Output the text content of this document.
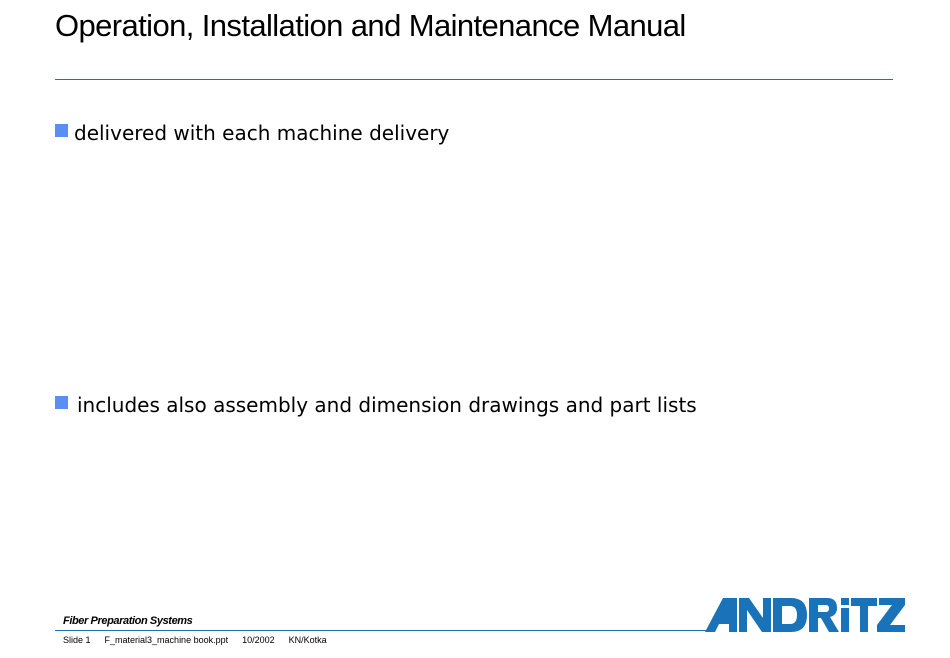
Operation, Installation and Maintenance Manual
delivered with each machine delivery
includes also assembly and dimension drawings and part lists
Fiber Preparation Systems
Slide 1 F_material3_machine book.ppt 10/2002 KN/Kotka
